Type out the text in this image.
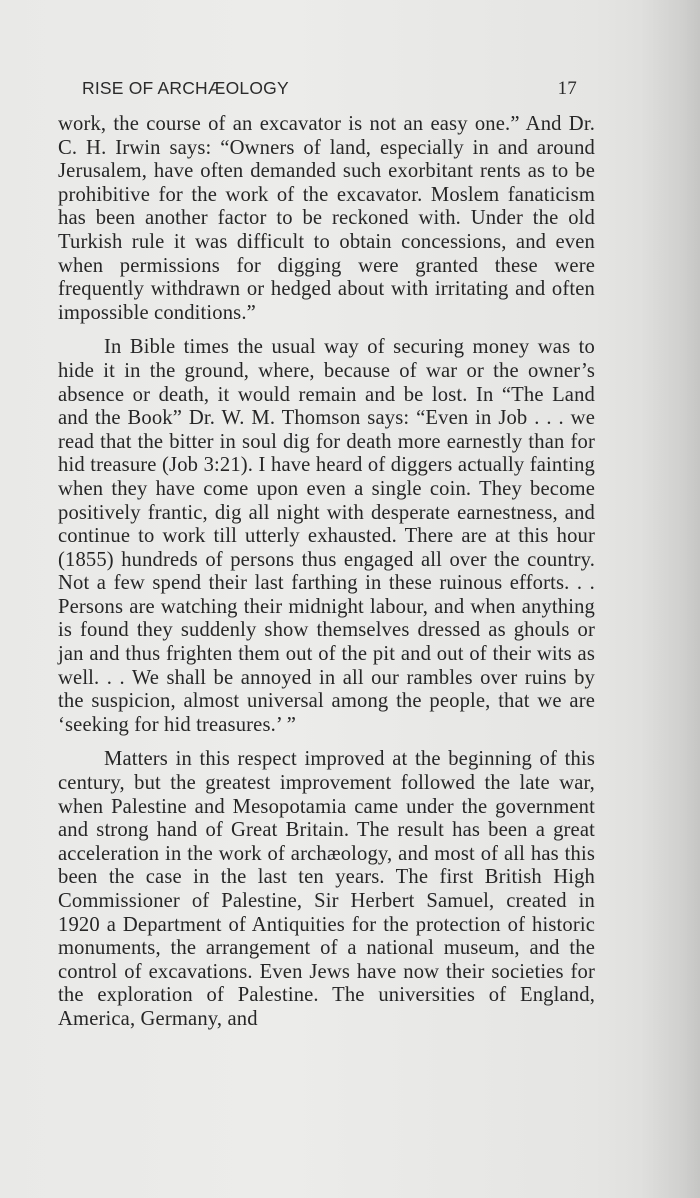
RISE OF ARCHÆOLOGY	17

work, the course of an excavator is not an easy one.” And Dr. C. H. Irwin says: “Owners of land, especially in and around Jerusalem, have often demanded such exorbitant rents as to be prohibitive for the work of the excavator. Moslem fanaticism has been another factor to be reckoned with. Under the old Turkish rule it was difficult to obtain concessions, and even when permissions for digging were granted these were frequently withdrawn or hedged about with irritating and often impossible conditions.”

In Bible times the usual way of securing money was to hide it in the ground, where, because of war or the owner’s absence or death, it would remain and be lost. In “The Land and the Book” Dr. W. M. Thomson says: “Even in Job . . . we read that the bitter in soul dig for death more earnestly than for hid treasure (Job 3:21). I have heard of diggers actually fainting when they have come upon even a single coin. They become positively frantic, dig all night with desperate earnestness, and continue to work till utterly exhausted. There are at this hour (1855) hundreds of persons thus engaged all over the country. Not a few spend their last farthing in these ruinous efforts. . . Persons are watching their midnight labour, and when anything is found they suddenly show themselves dressed as ghouls or jan and thus frighten them out of the pit and out of their wits as well. . . We shall be annoyed in all our rambles over ruins by the suspicion, almost universal among the people, that we are ‘seeking for hid treasures.’ ”

Matters in this respect improved at the beginning of this century, but the greatest improvement followed the late war, when Palestine and Mesopotamia came under the government and strong hand of Great Britain. The result has been a great acceleration in the work of archæology, and most of all has this been the case in the last ten years. The first British High Commissioner of Palestine, Sir Herbert Samuel, created in 1920 a Department of Antiquities for the protection of historic monuments, the arrangement of a national museum, and the control of excavations. Even Jews have now their societies for the exploration of Palestine. The universities of England, America, Germany, and
